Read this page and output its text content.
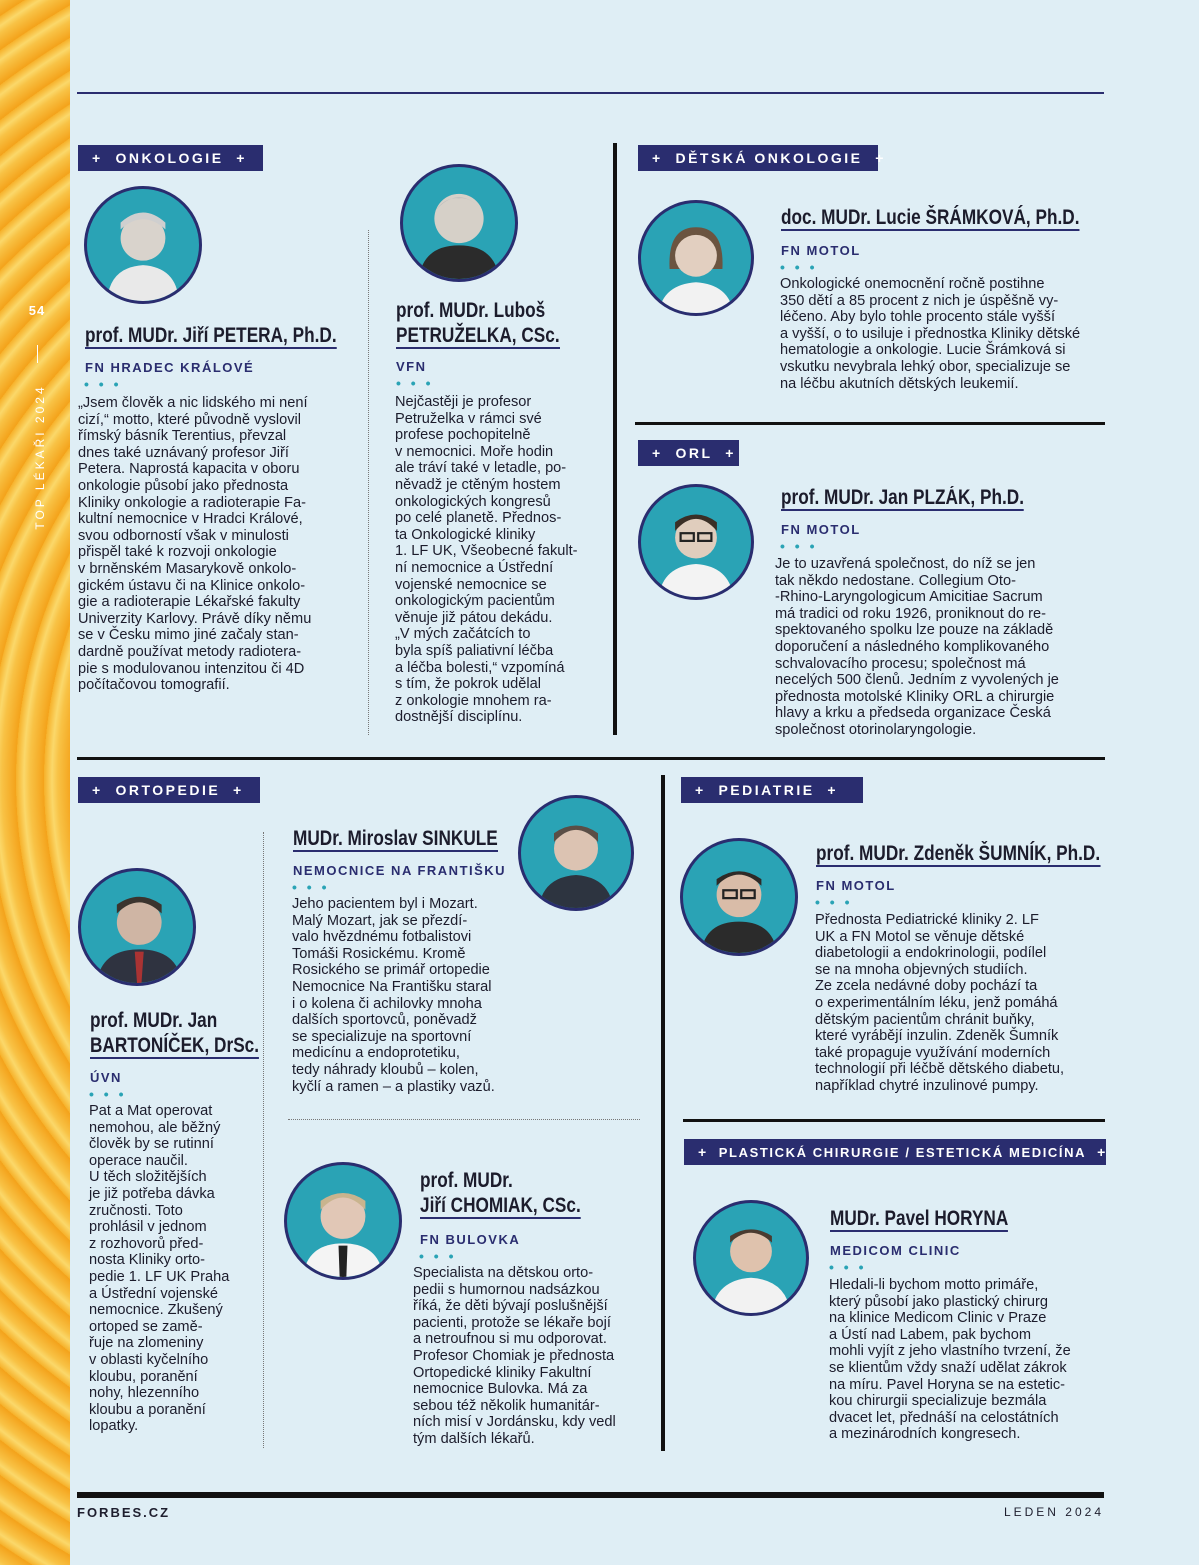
54
TOP LÉKAŘI 2024
+  ONKOLOGIE  +	+  DĚTSKÁ ONKOLOGIE  +
+  ORL  +
+  ORTOPEDIE  +	+  PEDIATRIE  +
+  PLASTICKÁ CHIRURGIE / ESTETICKÁ MEDICÍNA  +
prof. MUDr. Jiří PETERA, Ph.D.
FN HRADEC KRÁLOVÉ
• • •
„Jsem člověk a nic lidského mi není
cizí,“ motto, které původně vyslovil
římský básník Terentius, převzal
dnes také uznávaný profesor Jiří
Petera. Naprostá kapacita v oboru
onkologie působí jako přednosta
Kliniky onkologie a radioterapie Fa-
kultní nemocnice v Hradci Králové,
svou odborností však v minulosti
přispěl také k rozvoji onkologie
v brněnském Masarykově onkolo-
gickém ústavu či na Klinice onkolo-
gie a radioterapie Lékařské fakulty
Univerzity Karlovy. Právě díky němu
se v Česku mimo jiné začaly stan-
dardně používat metody radiotera-
pie s modulovanou intenzitou či 4D
počítačovou tomografií.
prof. MUDr. Luboš
PETRUŽELKA, CSc.
VFN
• • •
Nejčastěji je profesor
Petruželka v rámci své
profese pochopitelně
v nemocnici. Moře hodin
ale tráví také v letadle, po-
něvadž je ctěným hostem
onkologických kongresů
po celé planetě. Přednos-
ta Onkologické kliniky
1. LF UK, Všeobecné fakult-
ní nemocnice a Ústřední
vojenské nemocnice se
onkologickým pacientům
věnuje již pátou dekádu.
„V mých začátcích to
byla spíš paliativní léčba
a léčba bolesti,“ vzpomíná
s tím, že pokrok udělal
z onkologie mnohem ra-
dostnější disciplínu.
doc. MUDr. Lucie ŠRÁMKOVÁ, Ph.D.
FN MOTOL
• • •
Onkologické onemocnění ročně postihne
350 dětí a 85 procent z nich je úspěšně vy-
léčeno. Aby bylo tohle procento stále vyšší
a vyšší, o to usiluje i přednostka Kliniky dětské
hematologie a onkologie. Lucie Šrámková si
vskutku nevybrala lehký obor, specializuje se
na léčbu akutních dětských leukemií.
prof. MUDr. Jan PLZÁK, Ph.D.
FN MOTOL
• • •
Je to uzavřená společnost, do níž se jen
tak někdo nedostane. Collegium Oto-
-Rhino-Laryngologicum Amicitiae Sacrum
má tradici od roku 1926, proniknout do re-
spektovaného spolku lze pouze na základě
doporučení a následného komplikovaného
schvalovacího procesu; společnost má
necelých 500 členů. Jedním z vyvolených je
přednosta motolské Kliniky ORL a chirurgie
hlavy a krku a předseda organizace Česká
společnost otorinolaryngologie.
prof. MUDr. Jan
BARTONÍČEK, DrSc.
ÚVN
• • •
Pat a Mat operovat
nemohou, ale běžný
člověk by se rutinní
operace naučil.
U těch složitějších
je již potřeba dávka
zručnosti. Toto
prohlásil v jednom
z rozhovorů před-
nosta Kliniky orto-
pedie 1. LF UK Praha
a Ústřední vojenské
nemocnice. Zkušený
ortoped se zamě-
řuje na zlomeniny
v oblasti kyčelního
kloubu, poranění
nohy, hlezenního
kloubu a poranění
lopatky.
MUDr. Miroslav SINKULE
NEMOCNICE NA FRANTIŠKU
• • •
Jeho pacientem byl i Mozart.
Malý Mozart, jak se přezdí-
valo hvězdnému fotbalistovi
Tomáši Rosickému. Kromě
Rosického se primář ortopedie
Nemocnice Na Františku staral
i o kolena či achilovky mnoha
dalších sportovců, poněvadž
se specializuje na sportovní
medicínu a endoprotetiku,
tedy náhrady kloubů – kolen,
kyčlí a ramen – a plastiky vazů.
prof. MUDr.
Jiří CHOMIAK, CSc.
FN BULOVKA
• • •
Specialista na dětskou orto-
pedii s humornou nadsázkou
říká, že děti bývají poslušnější
pacienti, protože se lékaře bojí
a netroufnou si mu odporovat.
Profesor Chomiak je přednosta
Ortopedické kliniky Fakultní
nemocnice Bulovka. Má za
sebou též několik humanitár-
ních misí v Jordánsku, kdy vedl
tým dalších lékařů.
prof. MUDr. Zdeněk ŠUMNÍK, Ph.D.
FN MOTOL
• • •
Přednosta Pediatrické kliniky 2. LF
UK a FN Motol se věnuje dětské
diabetologii a endokrinologii, podílel
se na mnoha objevných studiích.
Ze zcela nedávné doby pochází ta
o experimentálním léku, jenž pomáhá
dětským pacientům chránit buňky,
které vyrábějí inzulin. Zdeněk Šumník
také propaguje využívání moderních
technologií při léčbě dětského diabetu,
například chytré inzulinové pumpy.
MUDr. Pavel HORYNA
MEDICOM CLINIC
• • •
Hledali-li bychom motto primáře,
který působí jako plastický chirurg
na klinice Medicom Clinic v Praze
a Ústí nad Labem, pak bychom
mohli vyjít z jeho vlastního tvrzení, že
se klientům vždy snaží udělat zákrok
na míru. Pavel Horyna se na estetic-
kou chirurgii specializuje bezmála
dvacet let, přednáší na celostátních
a mezinárodních kongresech.
FORBES.CZ	LEDEN 2024
